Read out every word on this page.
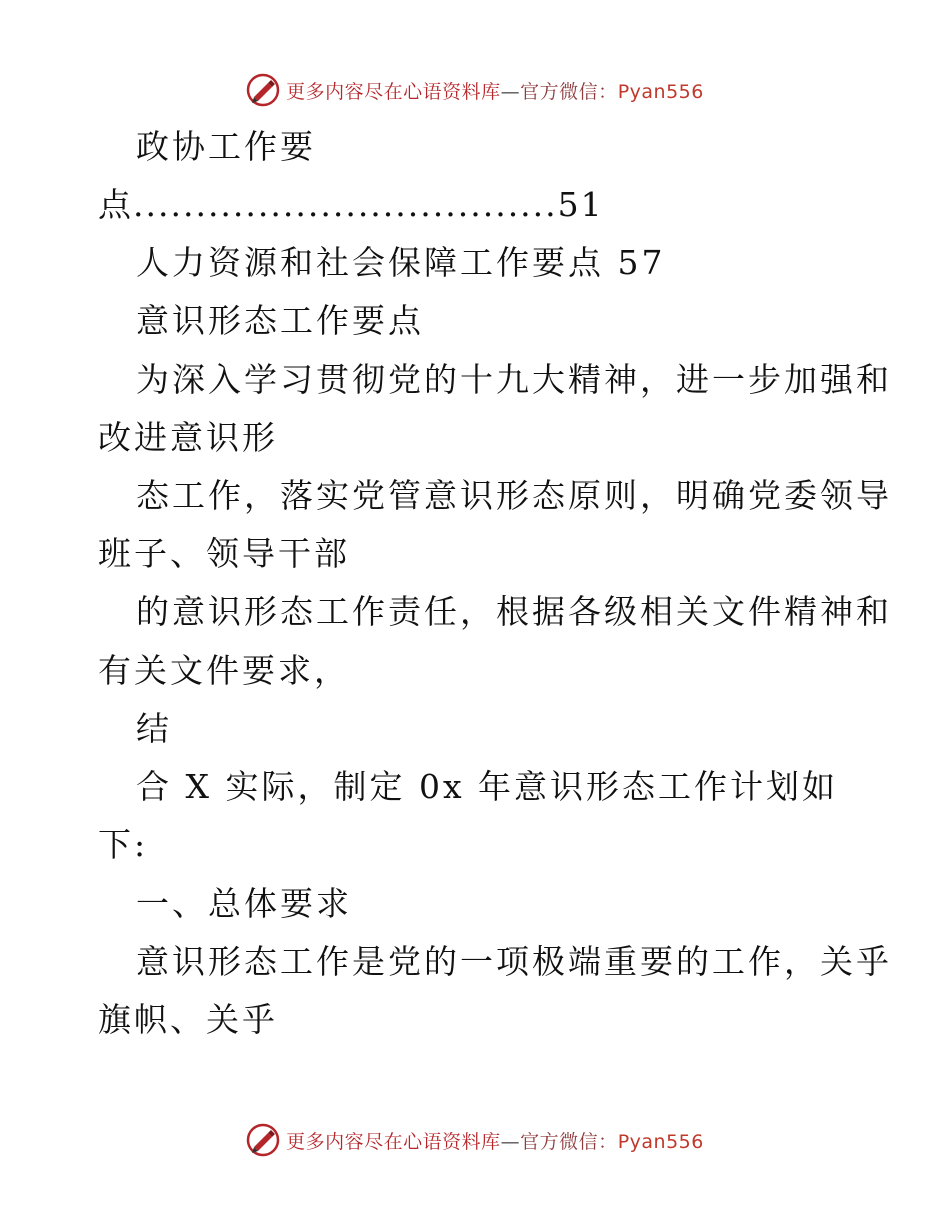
更多内容尽在心语资料库—官方微信：Pyan556
政协工作要
点..................................51
人力资源和社会保障工作要点 57
意识形态工作要点
为深入学习贯彻党的十九大精神，进一步加强和
改进意识形
态工作，落实党管意识形态原则，明确党委领导
班子、领导干部
的意识形态工作责任，根据各级相关文件精神和
有关文件要求，
结
合 X 实际，制定 0x 年意识形态工作计划如
下:
一、总体要求
意识形态工作是党的一项极端重要的工作，关乎
旗帜、关乎
更多内容尽在心语资料库—官方微信：Pyan556
